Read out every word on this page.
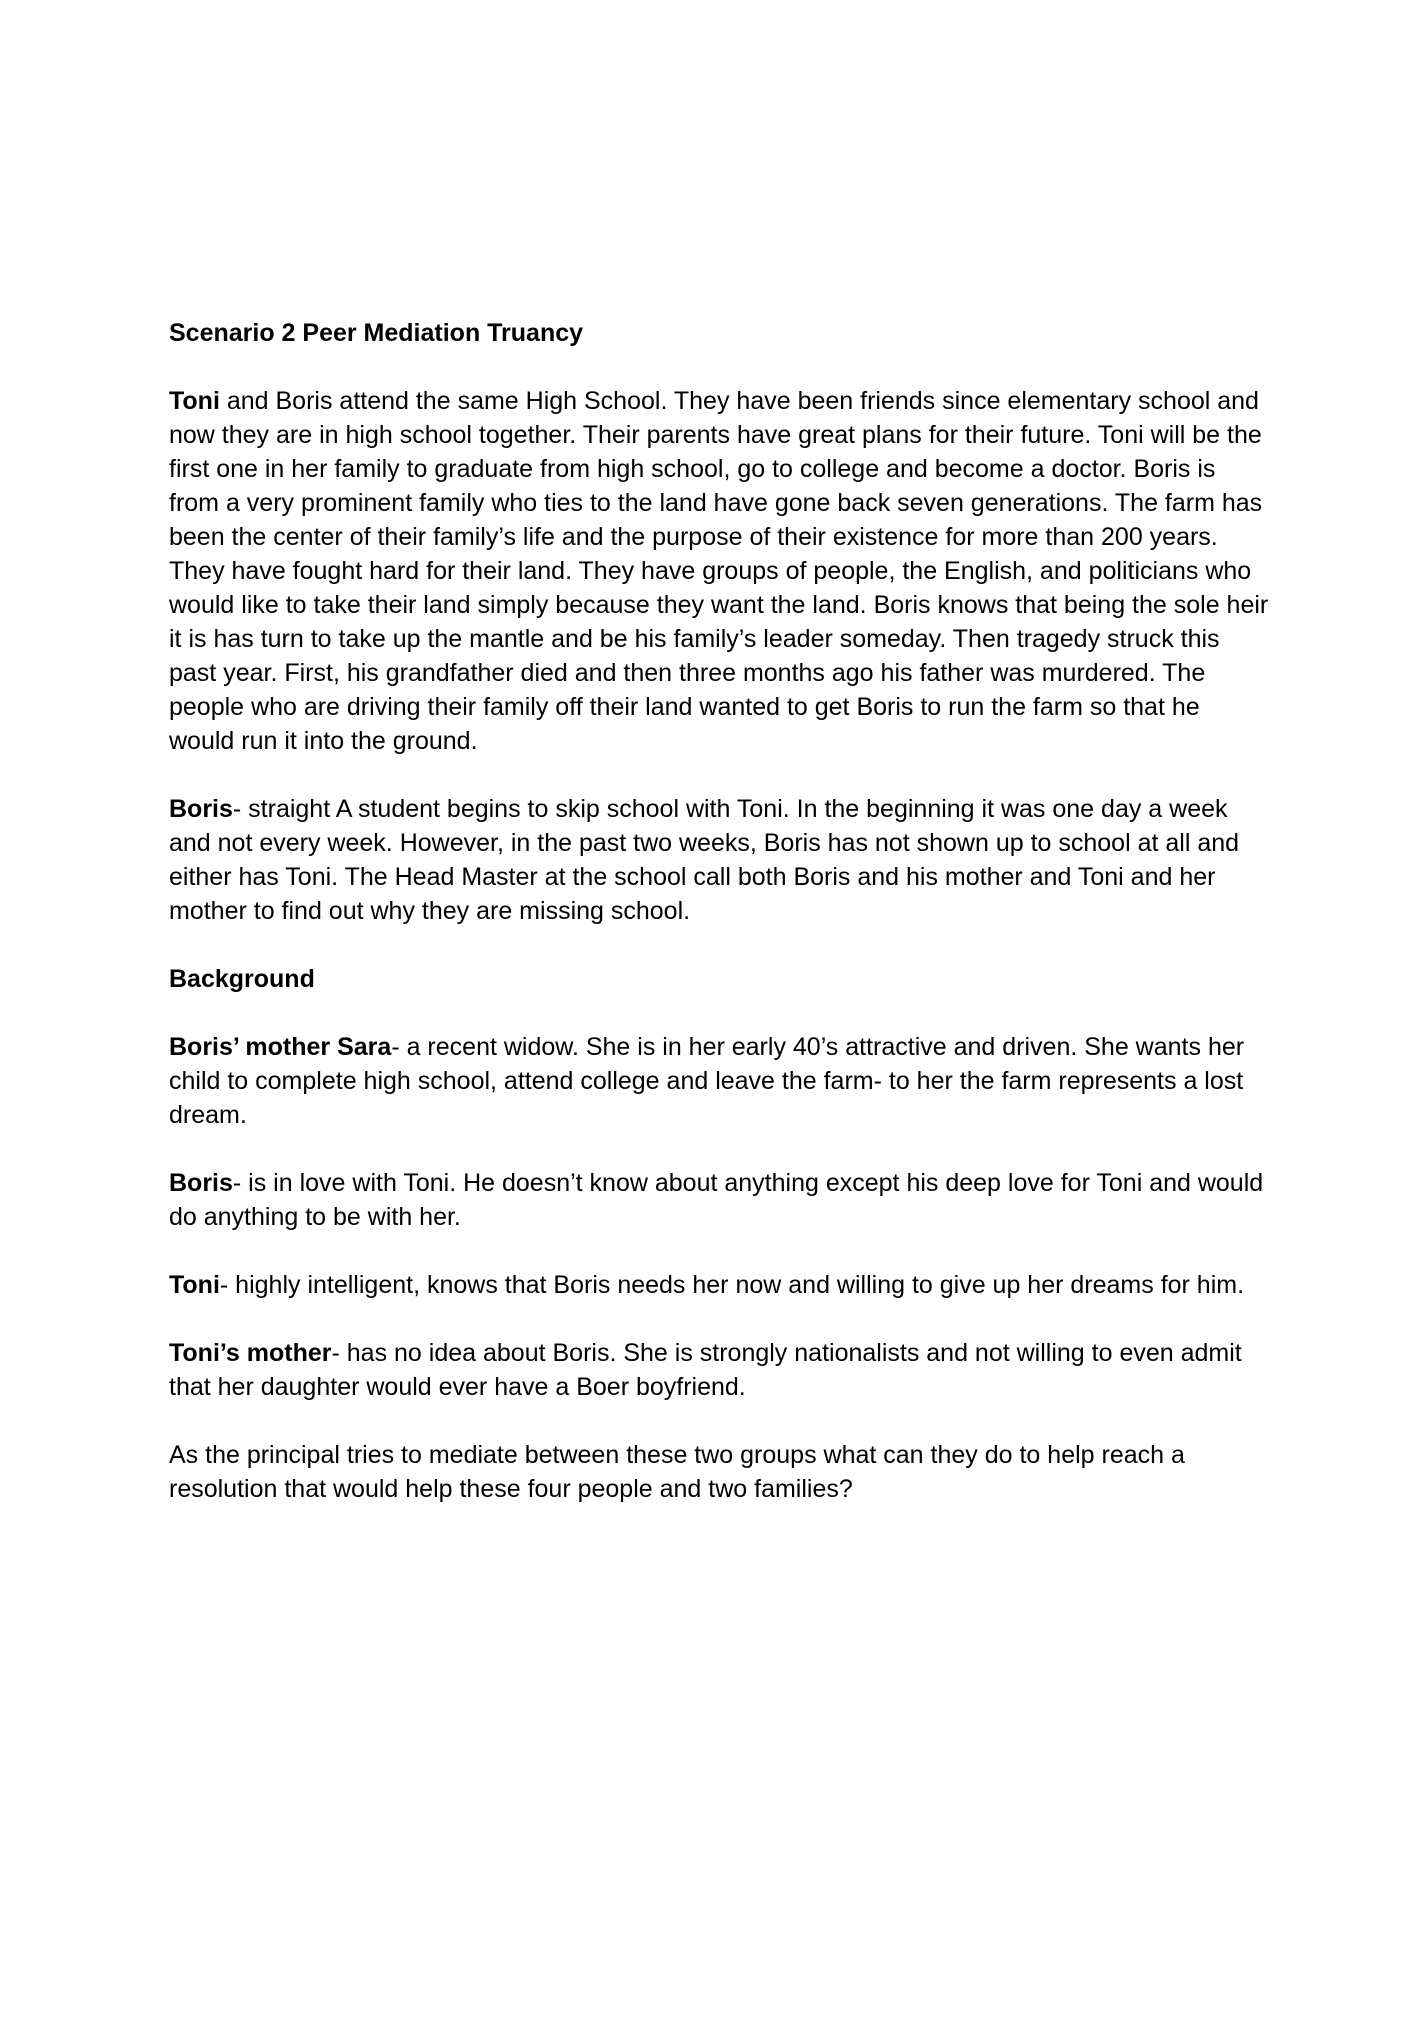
Scenario 2 Peer Mediation Truancy

Toni and Boris attend the same High School. They have been friends since elementary school and now they are in high school together. Their parents have great plans for their future. Toni will be the first one in her family to graduate from high school, go to college and become a doctor. Boris is from a very prominent family who ties to the land have gone back seven generations. The farm has been the center of their family’s life and the purpose of their existence for more than 200 years. They have fought hard for their land. They have groups of people, the English, and politicians who would like to take their land simply because they want the land. Boris knows that being the sole heir it is has turn to take up the mantle and be his family’s leader someday. Then tragedy struck this past year. First, his grandfather died and then three months ago his father was murdered. The people who are driving their family off their land wanted to get Boris to run the farm so that he would run it into the ground.

Boris- straight A student begins to skip school with Toni. In the beginning it was one day a week and not every week. However, in the past two weeks, Boris has not shown up to school at all and either has Toni. The Head Master at the school call both Boris and his mother and Toni and her mother to find out why they are missing school.

Background

Boris’ mother Sara- a recent widow. She is in her early 40’s attractive and driven. She wants her child to complete high school, attend college and leave the farm- to her the farm represents a lost dream.

Boris- is in love with Toni. He doesn’t know about anything except his deep love for Toni and would do anything to be with her.

Toni- highly intelligent, knows that Boris needs her now and willing to give up her dreams for him.

Toni’s mother- has no idea about Boris. She is strongly nationalists and not willing to even admit that her daughter would ever have a Boer boyfriend.

As the principal tries to mediate between these two groups what can they do to help reach a resolution that would help these four people and two families?
